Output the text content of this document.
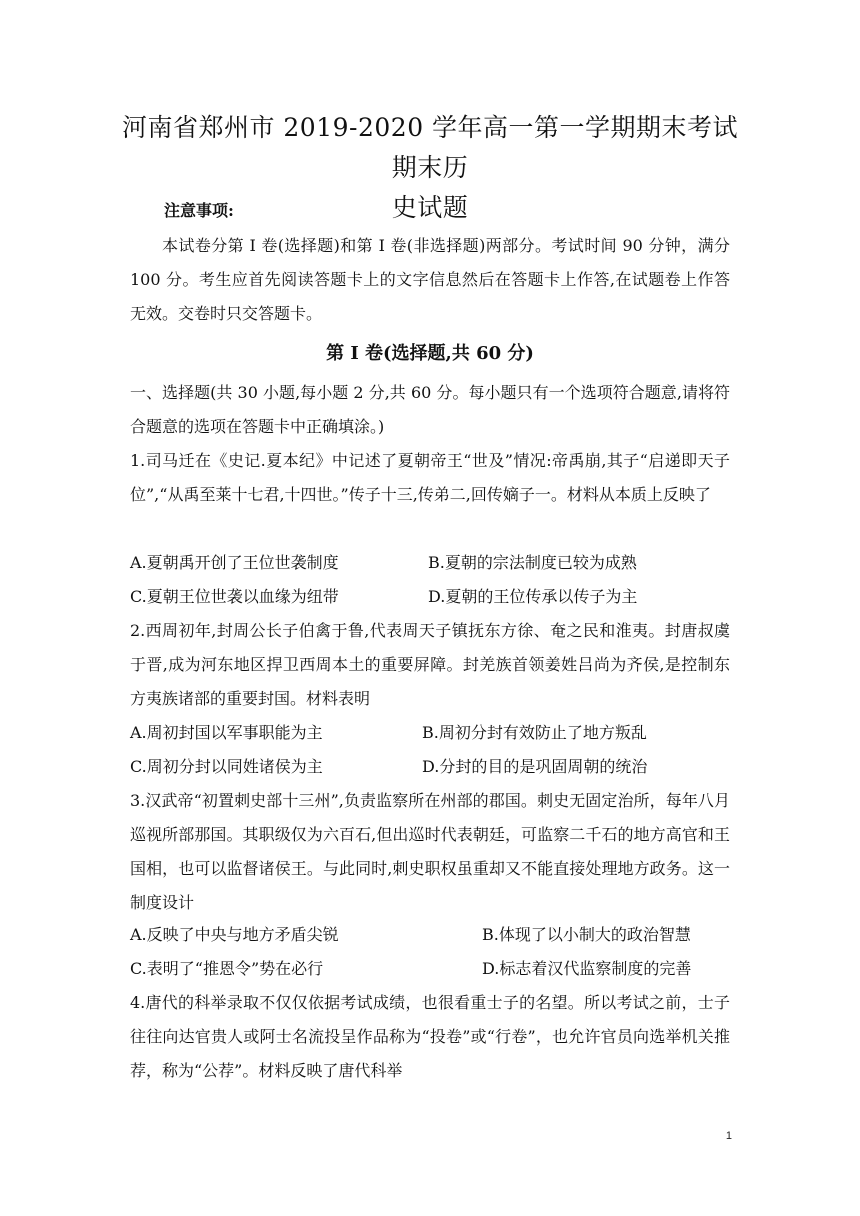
河南省郑州市 2019-2020 学年高一第一学期期末考试期末历
史试题
注意事项:
本试卷分第 I 卷(选择题)和第 I 卷(非选择题)两部分。考试时间 90 分钟，满分 100 分。考生应首先阅读答题卡上的文字信息然后在答题卡上作答,在试题卷上作答无效。交卷时只交答题卡。
第 I 卷(选择题,共 60 分)
一、选择题(共 30 小题,每小题 2 分,共 60 分。每小题只有一个选项符合题意,请将符合题意的选项在答题卡中正确填涂。)
1.司马迁在《史记.夏本纪》中记述了夏朝帝王“世及”情况:帝禹崩,其子“启递即天子位”,“从禹至莱十七君,十四世。”传子十三,传弟二,回传嫡子一。材料从本质上反映了
A.夏朝禹开创了王位世袭制度	B.夏朝的宗法制度已较为成熟
C.夏朝王位世袭以血缘为纽带	D.夏朝的王位传承以传子为主
2.西周初年,封周公长子伯禽于鲁,代表周天子镇抚东方徐、奄之民和淮夷。封唐叔虞于晋,成为河东地区捍卫西周本土的重要屏障。封羌族首领姜姓吕尚为齐侯,是控制东方夷族诸部的重要封国。材料表明
A.周初封国以军事职能为主	B.周初分封有效防止了地方叛乱
C.周初分封以同姓诸侯为主	D.分封的目的是巩固周朝的统治
3.汉武帝“初置刺史部十三州”,负责监察所在州部的郡国。刺史无固定治所，每年八月巡视所部那国。其职级仅为六百石,但出巡时代表朝廷，可监察二千石的地方高官和王国相，也可以监督诸侯王。与此同时,刺史职权虽重却又不能直接处理地方政务。这一制度设计
A.反映了中央与地方矛盾尖锐	B.体现了以小制大的政治智慧
C.表明了“推恩令”势在必行	D.标志着汉代监察制度的完善
4.唐代的科举录取不仅仅依据考试成绩，也很看重士子的名望。所以考试之前，士子往往向达官贵人或阿士名流投呈作品称为“投卷”或“行卷”，也允许官员向选举机关推荐，称为“公荐”。材料反映了唐代科举
1
